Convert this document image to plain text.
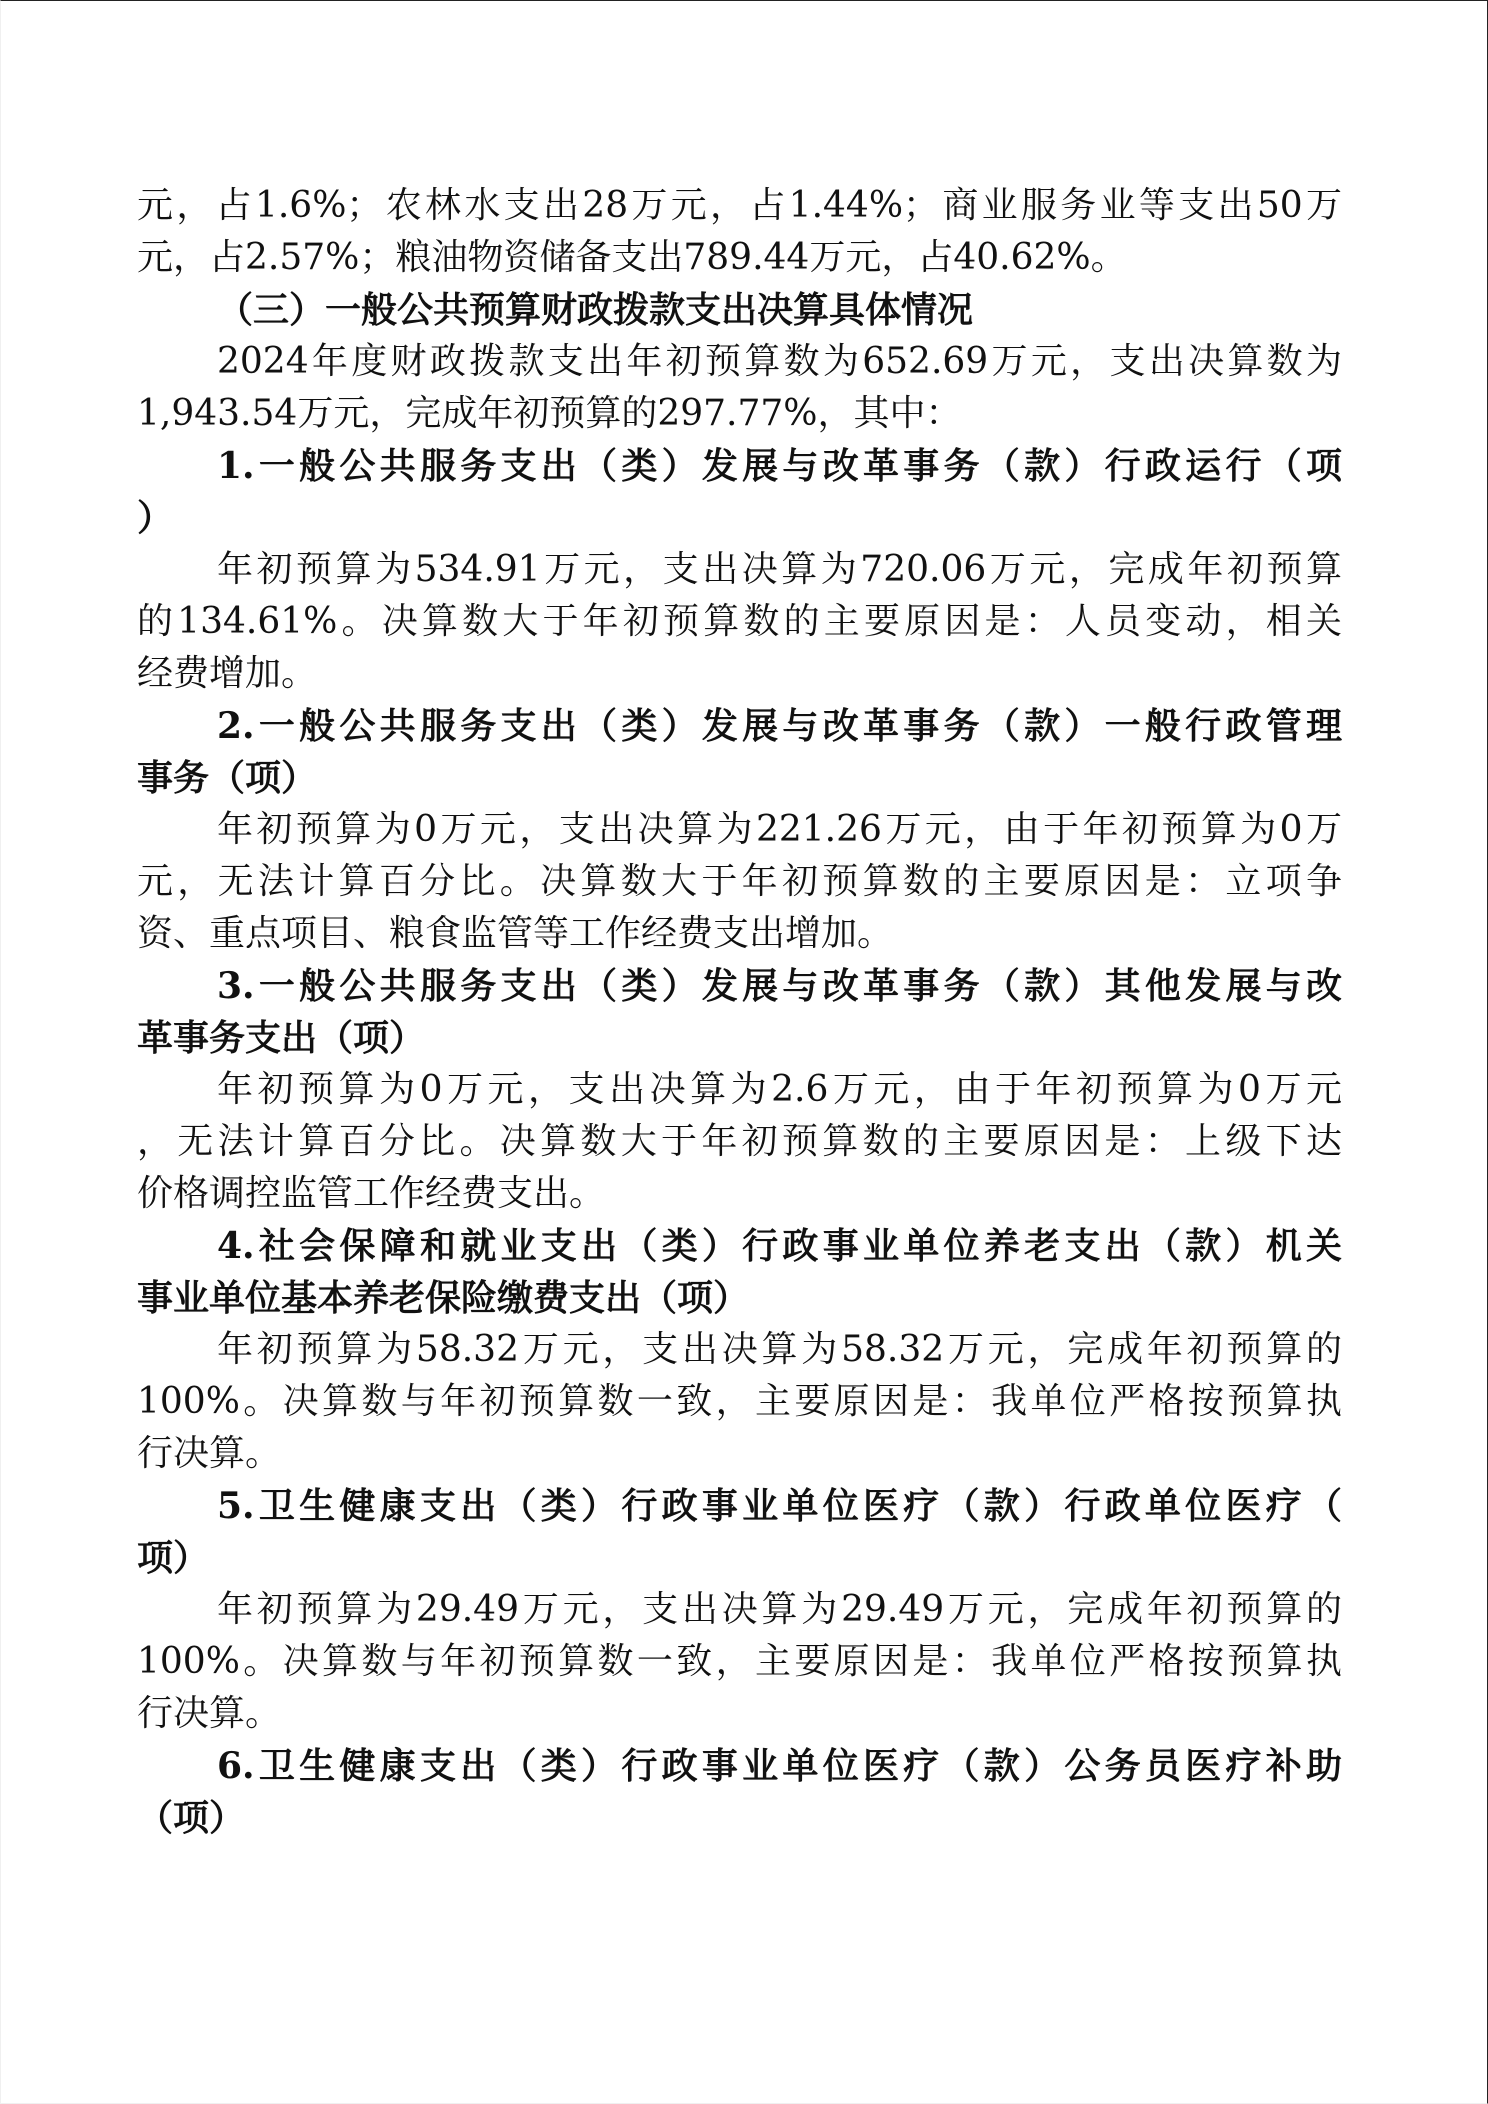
元，占1.6%；农林水支出28万元，占1.44%；商业服务业等支出50万
元，占2.57%；粮油物资储备支出789.44万元，占40.62%。
（三）一般公共预算财政拨款支出决算具体情况
2024年度财政拨款支出年初预算数为652.69万元，支出决算数为
1,943.54万元，完成年初预算的297.77%，其中：
1.一般公共服务支出（类）发展与改革事务（款）行政运行（项
）
年初预算为534.91万元，支出决算为720.06万元，完成年初预算
的134.61%。决算数大于年初预算数的主要原因是：人员变动，相关
经费增加。
2.一般公共服务支出（类）发展与改革事务（款）一般行政管理
事务（项）
年初预算为0万元，支出决算为221.26万元，由于年初预算为0万
元，无法计算百分比。决算数大于年初预算数的主要原因是：立项争
资、重点项目、粮食监管等工作经费支出增加。
3.一般公共服务支出（类）发展与改革事务（款）其他发展与改
革事务支出（项）
年初预算为0万元，支出决算为2.6万元，由于年初预算为0万元
，无法计算百分比。决算数大于年初预算数的主要原因是：上级下达
价格调控监管工作经费支出。
4.社会保障和就业支出（类）行政事业单位养老支出（款）机关
事业单位基本养老保险缴费支出（项）
年初预算为58.32万元，支出决算为58.32万元，完成年初预算的
100%。决算数与年初预算数一致，主要原因是：我单位严格按预算执
行决算。
5.卫生健康支出（类）行政事业单位医疗（款）行政单位医疗（
项）
年初预算为29.49万元，支出决算为29.49万元，完成年初预算的
100%。决算数与年初预算数一致，主要原因是：我单位严格按预算执
行决算。
6.卫生健康支出（类）行政事业单位医疗（款）公务员医疗补助
（项）
